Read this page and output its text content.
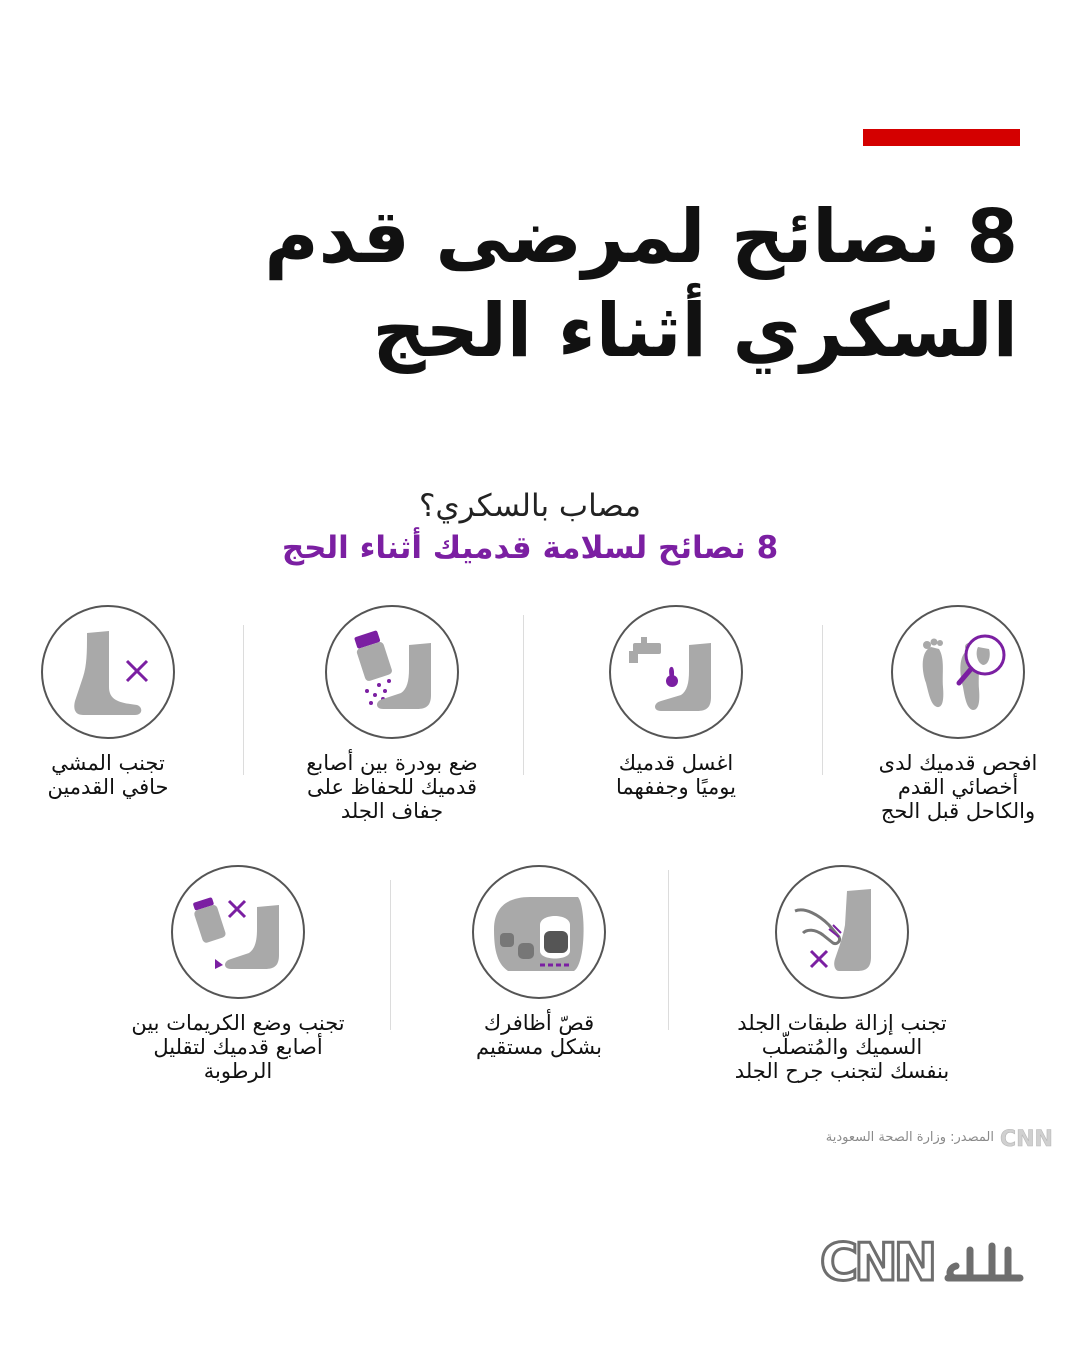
8 نصائح لمرضى قدم
السكري أثناء الحج
مصاب بالسكري؟
8 نصائح لسلامة قدميك أثناء الحج
افحص قدميك لدى
أخصائي القدم
والكاحل قبل الحج
اغسل قدميك
يوميًا وجففهما
ضع بودرة بين أصابع
قدميك للحفاظ على
جفاف الجلد
تجنب المشي
حافي القدمين
تجنب إزالة طبقات الجلد
السميك والمُتصلّب
بنفسك لتجنب جرح الجلد
قصّ أظافرك
بشكل مستقيم
تجنب وضع الكريمات بين
أصابع قدميك لتقليل
الرطوبة
المصدر: وزارة الصحة السعودية CNN
CNN
